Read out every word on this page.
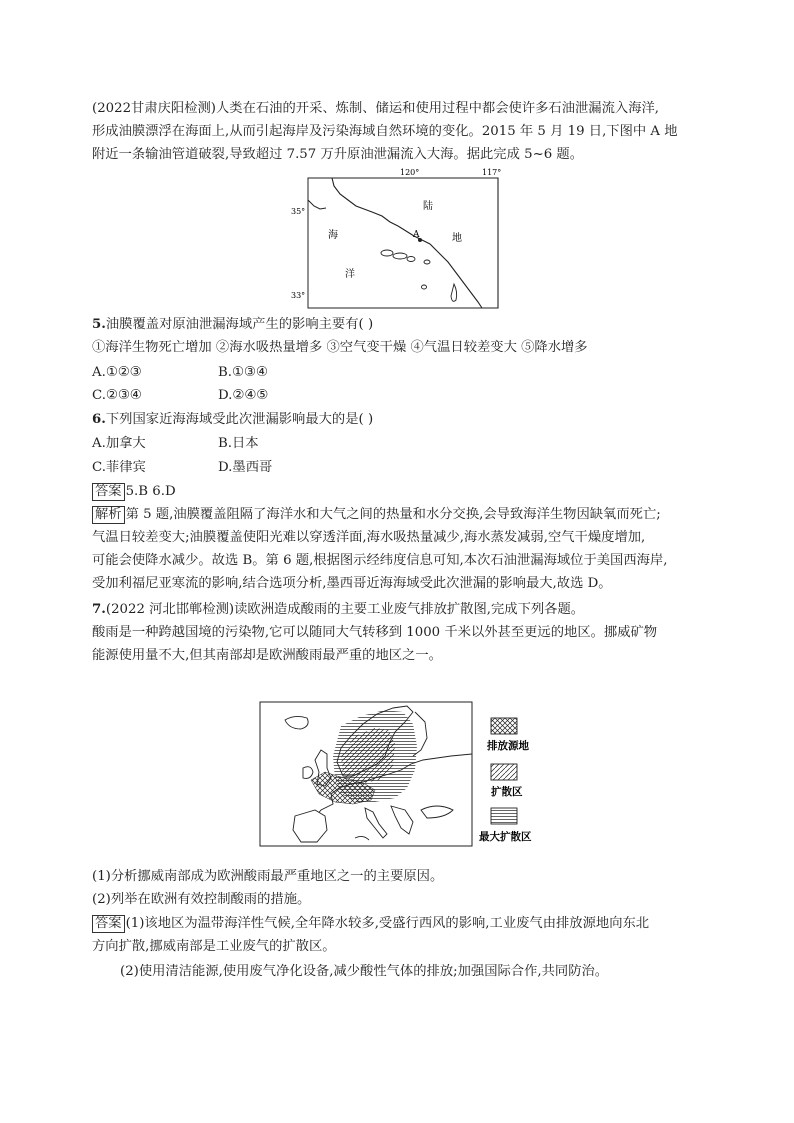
(2022甘肃庆阳检测)人类在石油的开采、炼制、储运和使用过程中都会使许多石油泄漏流入海洋,
形成油膜漂浮在海面上,从而引起海岸及污染海域自然环境的变化。2015 年 5 月 19 日,下图中 A 地
附近一条输油管道破裂,导致超过 7.57 万升原油泄漏流入大海。据此完成 5~6 题。
A
陆
地
海
洋
120°	117°
35°
33°
5.油膜覆盖对原油泄漏海域产生的影响主要有( )
①海洋生物死亡增加 ②海水吸热量增多 ③空气变干燥 ④气温日较差变大 ⑤降水增多
A.①②③	B.①③④
C.②③④	D.②④⑤
6.下列国家近海海域受此次泄漏影响最大的是( )
A.加拿大	B.日本
C.菲律宾	D.墨西哥
答案 5.B 6.D
解析 第 5 题,油膜覆盖阻隔了海洋水和大气之间的热量和水分交换,会导致海洋生物因缺氧而死亡;
气温日较差变大;油膜覆盖使阳光难以穿透洋面,海水吸热量减少,海水蒸发减弱,空气干燥度增加,
可能会使降水减少。故选 B。第 6 题,根据图示经纬度信息可知,本次石油泄漏海域位于美国西海岸,
受加利福尼亚寒流的影响,结合选项分析,墨西哥近海海域受此次泄漏的影响最大,故选 D。
7.(2022 河北邯郸检测)读欧洲造成酸雨的主要工业废气排放扩散图,完成下列各题。
酸雨是一种跨越国境的污染物,它可以随同大气转移到 1000 千米以外甚至更远的地区。挪威矿物
能源使用量不大,但其南部却是欧洲酸雨最严重的地区之一。
排放源地
扩散区
最大扩散区
(1)分析挪威南部成为欧洲酸雨最严重地区之一的主要原因。
(2)列举在欧洲有效控制酸雨的措施。
答案 (1)该地区为温带海洋性气候,全年降水较多,受盛行西风的影响,工业废气由排放源地向东北
方向扩散,挪威南部是工业废气的扩散区。
(2)使用清洁能源,使用废气净化设备,减少酸性气体的排放;加强国际合作,共同防治。
